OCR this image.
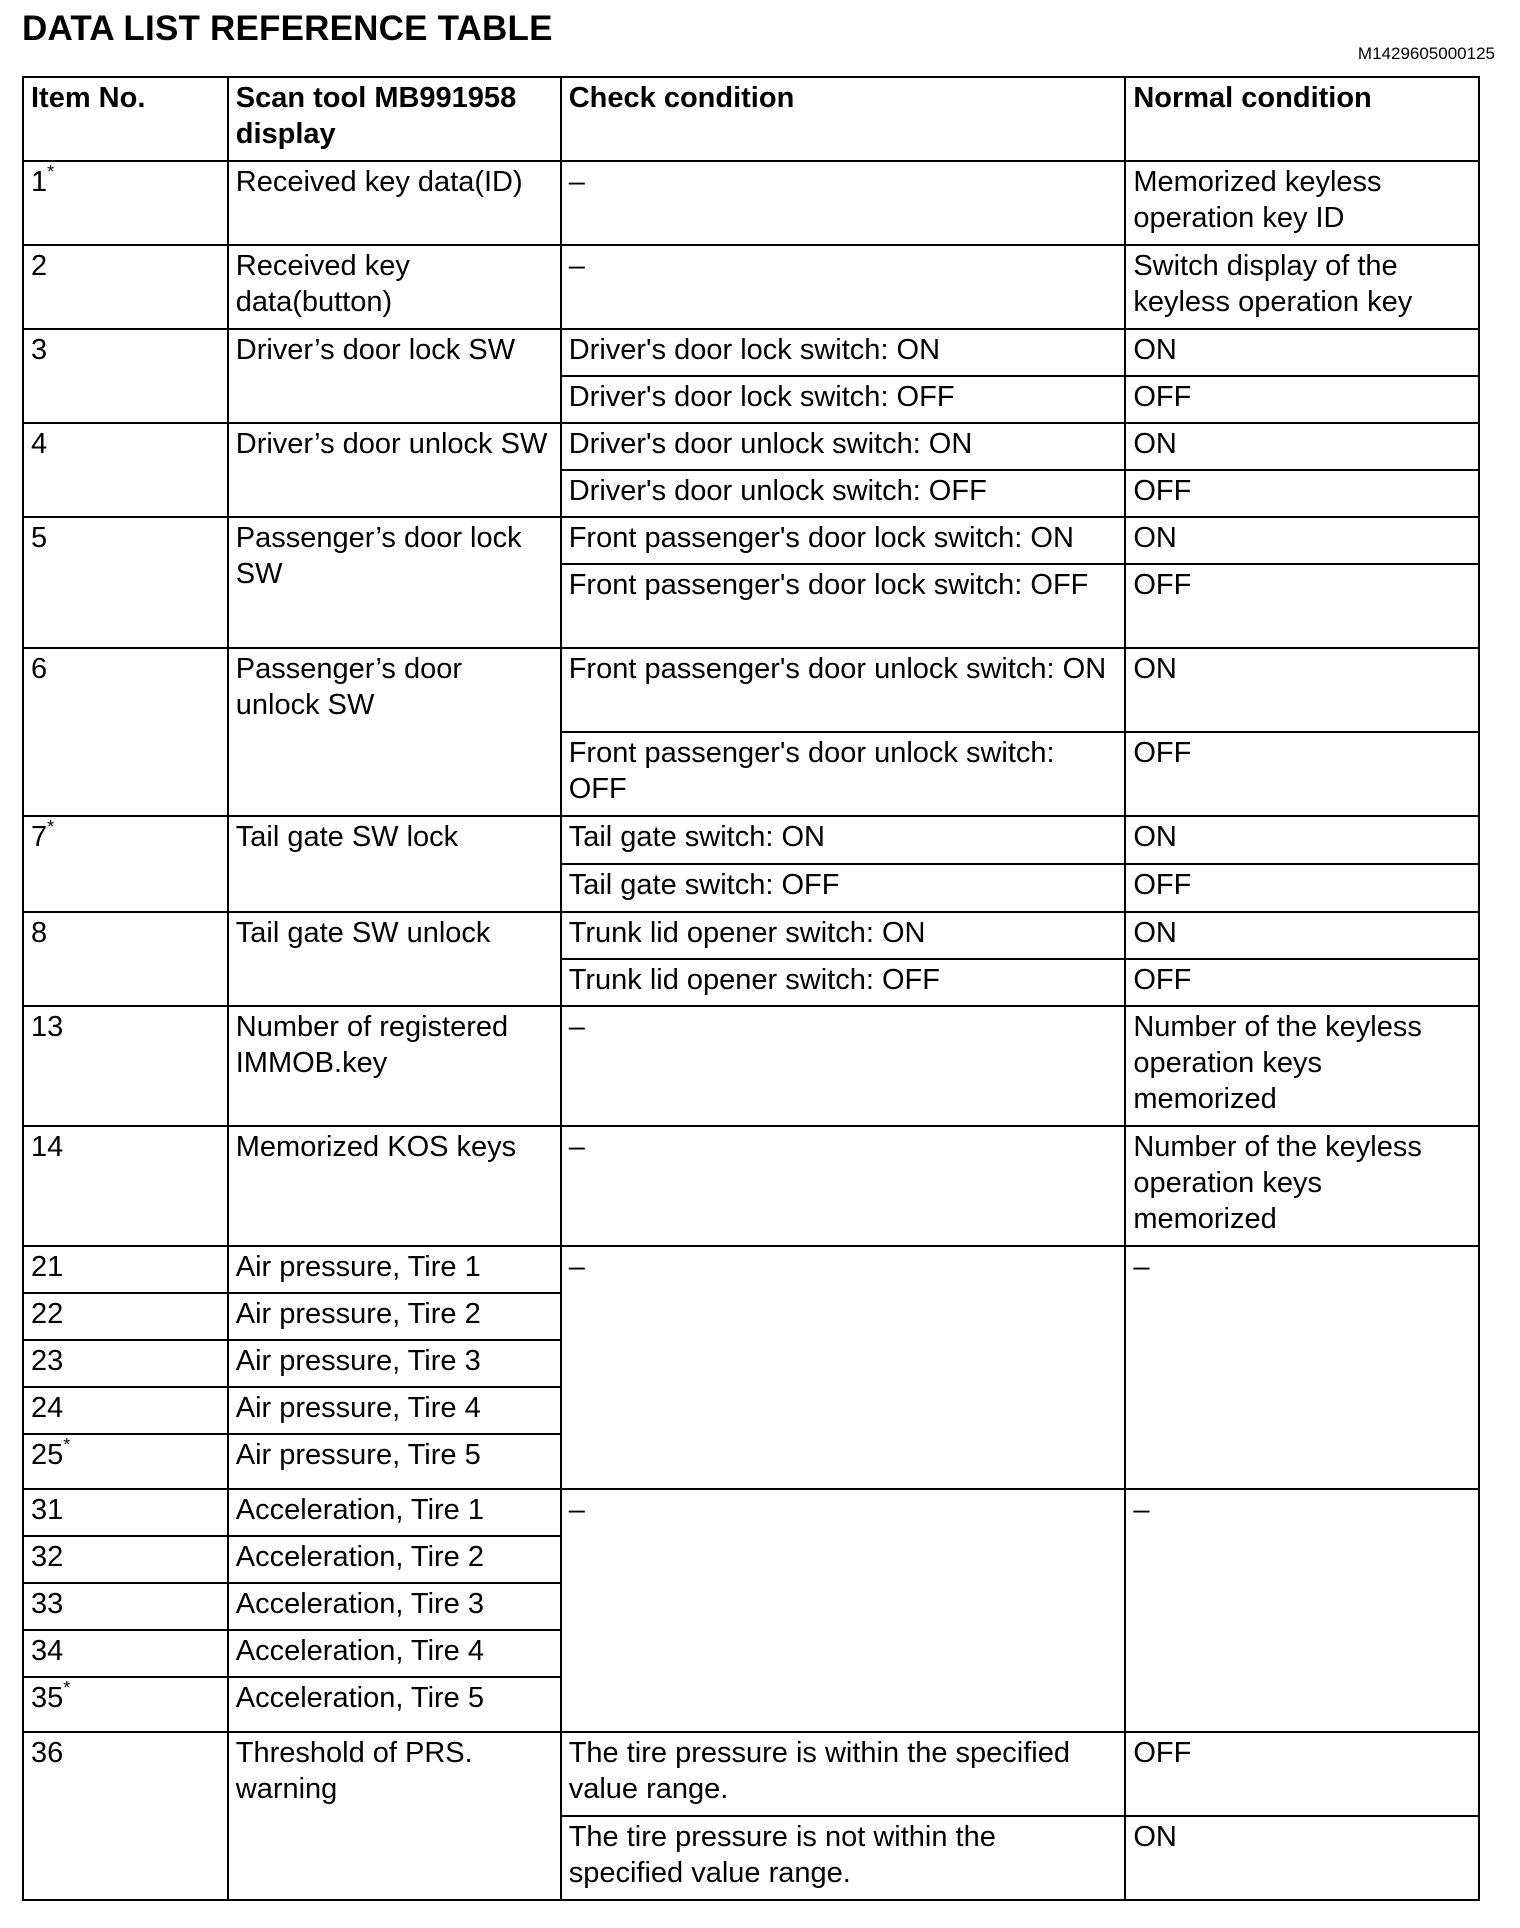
DATA LIST REFERENCE TABLE
M1429605000125
Item No.	Scan tool MB991958 display	Check condition	Normal condition
1*	Received key data(ID)	–	Memorized keyless operation key ID
2	Received key data(button)	–	Switch display of the keyless operation key
3	Driver’s door lock SW	Driver's door lock switch: ON	ON
		Driver's door lock switch: OFF	OFF
4	Driver’s door unlock SW	Driver's door unlock switch: ON	ON
		Driver's door unlock switch: OFF	OFF
5	Passenger’s door lock SW	Front passenger's door lock switch: ON	ON
		Front passenger's door lock switch: OFF	OFF
6	Passenger’s door unlock SW	Front passenger's door unlock switch: ON	ON
		Front passenger's door unlock switch: OFF	OFF
7*	Tail gate SW lock	Tail gate switch: ON	ON
		Tail gate switch: OFF	OFF
8	Tail gate SW unlock	Trunk lid opener switch: ON	ON
		Trunk lid opener switch: OFF	OFF
13	Number of registered IMMOB.key	–	Number of the keyless operation keys memorized
14	Memorized KOS keys	–	Number of the keyless operation keys memorized
21	Air pressure, Tire 1	–	–
22	Air pressure, Tire 2		
23	Air pressure, Tire 3		
24	Air pressure, Tire 4		
25*	Air pressure, Tire 5		
31	Acceleration, Tire 1	–	–
32	Acceleration, Tire 2		
33	Acceleration, Tire 3		
34	Acceleration, Tire 4		
35*	Acceleration, Tire 5		
36	Threshold of PRS. warning	The tire pressure is within the specified value range.	OFF
		The tire pressure is not within the specified value range.	ON
